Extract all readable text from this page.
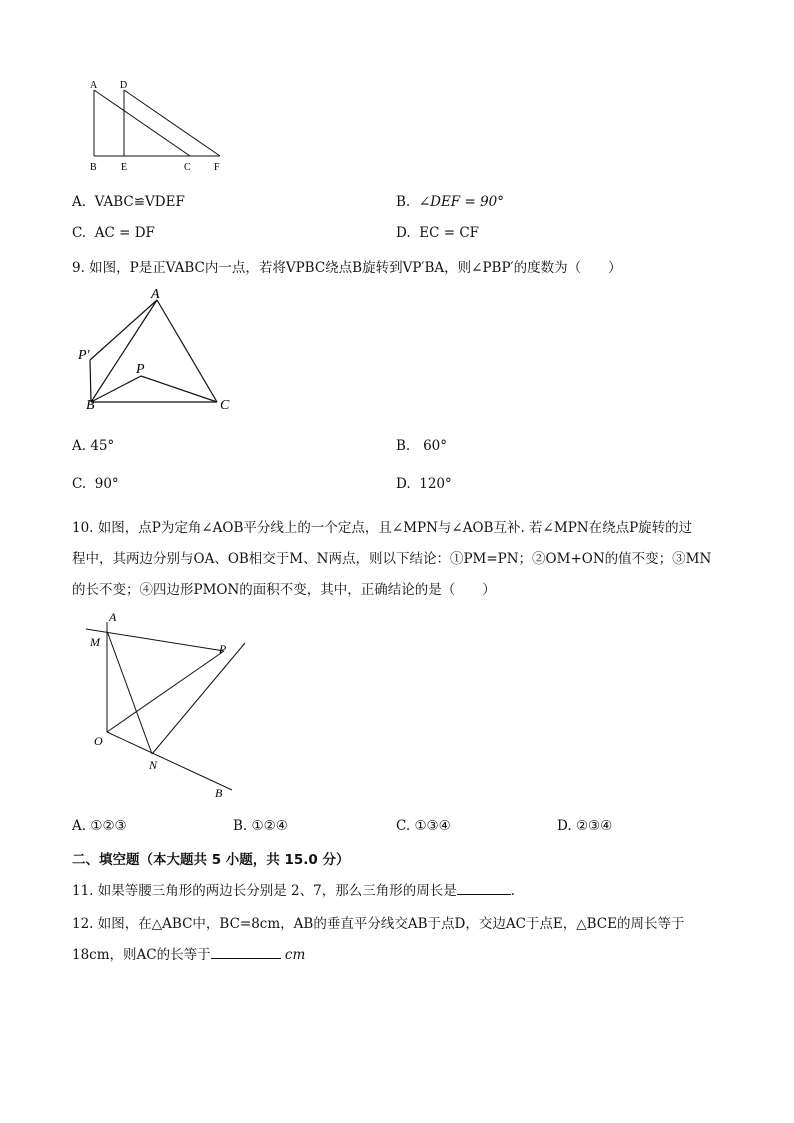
A D
B E	C F
A. VABC≌VDEF	B. ∠DEF = 90°
C. AC = DF	D. EC = CF
9. 如图，P是正VABC内一点，若将VPBC绕点B旋转到VP′BA，则∠PBP′的度数为（　　）
A
P′
P
B	C
A. 45°	B. 60°
C. 90°	D. 120°
10. 如图，点P为定角∠AOB平分线上的一个定点，且∠MPN与∠AOB互补. 若∠MPN在绕点P旋转的过
程中，其两边分别与OA、OB相交于M、N两点，则以下结论：①PM=PN；②OM+ON的值不变；③MN
的长不变；④四边形PMON的面积不变，其中，正确结论的是（　　）
A
M	P
O
N
B
A. ①②③	B. ①②④	C. ①③④	D. ②③④
二、填空题（本大题共 5 小题，共 15.0 分）
11. 如果等腰三角形的两边长分别是 2、7，那么三角形的周长是	.
12. 如图，在△ABC中，BC=8cm，AB的垂直平分线交AB于点D，交边AC于点E，△BCE的周长等于
18cm，则AC的长等于	cm
